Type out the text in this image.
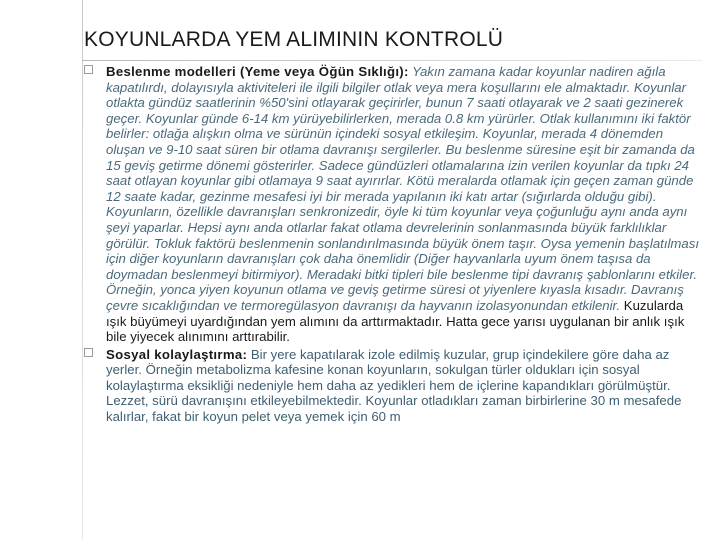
KOYUNLARDA YEM ALIMININ KONTROLÜ

Beslenme modelleri (Yeme veya Öğün Sıklığı): Yakın zamana kadar koyunlar nadiren ağıla kapatılırdı, dolayısıyla aktiviteleri ile ilgili bilgiler otlak veya mera koşullarını ele almaktadır. Koyunlar otlakta gündüz saatlerinin %50'sini otlayarak geçirirler, bunun 7 saati otlayarak ve 2 saati gezinerek geçer. Koyunlar günde 6-14 km yürüyebilirlerken, merada 0.8 km yürürler. Otlak kullanımını iki faktör belirler: otlağa alışkın olma ve sürünün içindeki sosyal etkileşim. Koyunlar, merada 4 dönemden oluşan ve 9-10 saat süren bir otlama davranışı sergilerler. Bu beslenme süresine eşit bir zamanda da 15 geviş getirme dönemi gösterirler. Sadece gündüzleri otlamalarına izin verilen koyunlar da tıpkı 24 saat otlayan koyunlar gibi otlamaya 9 saat ayırırlar. Kötü meralarda otlamak için geçen zaman günde 12 saate kadar, gezinme mesafesi iyi bir merada yapılanın iki katı artar (sığırlarda olduğu gibi). Koyunların, özellikle davranışları senkronizedir, öyle ki tüm koyunlar veya çoğunluğu aynı anda aynı şeyi yaparlar. Hepsi aynı anda otlarlar fakat otlama devrelerinin sonlanmasında büyük farklılıklar görülür. Tokluk faktörü beslenmenin sonlandırılmasında büyük önem taşır. Oysa yemenin başlatılması için diğer koyunların davranışları çok daha önemlidir (Diğer hayvanlarla uyum önem taşısa da doymadan beslenmeyi bitirmiyor). Meradaki bitki tipleri bile beslenme tipi davranış şablonlarını etkiler. Örneğin, yonca yiyen koyunun otlama ve geviş getirme süresi ot yiyenlere kıyasla kısadır. Davranış çevre sıcaklığından ve termoregülasyon davranışı da hayvanın izolasyonundan etkilenir. Kuzularda ışık büyümeyi uyardığından yem alımını da arttırmaktadır. Hatta gece yarısı uygulanan bir anlık ışık bile yiyecek alınımını arttırabilir.

Sosyal kolaylaştırma: Bir yere kapatılarak izole edilmiş kuzular, grup içindekilere göre daha az yerler. Örneğin metabolizma kafesine konan koyunların, sokulgan türler oldukları için sosyal kolaylaştırma eksikliği nedeniyle hem daha az yedikleri hem de içlerine kapandıkları görülmüştür. Lezzet, sürü davranışını etkileyebilmektedir. Koyunlar otladıkları zaman birbirlerine 30 m mesafede kalırlar, fakat bir koyun pelet veya yemek için 60 m
